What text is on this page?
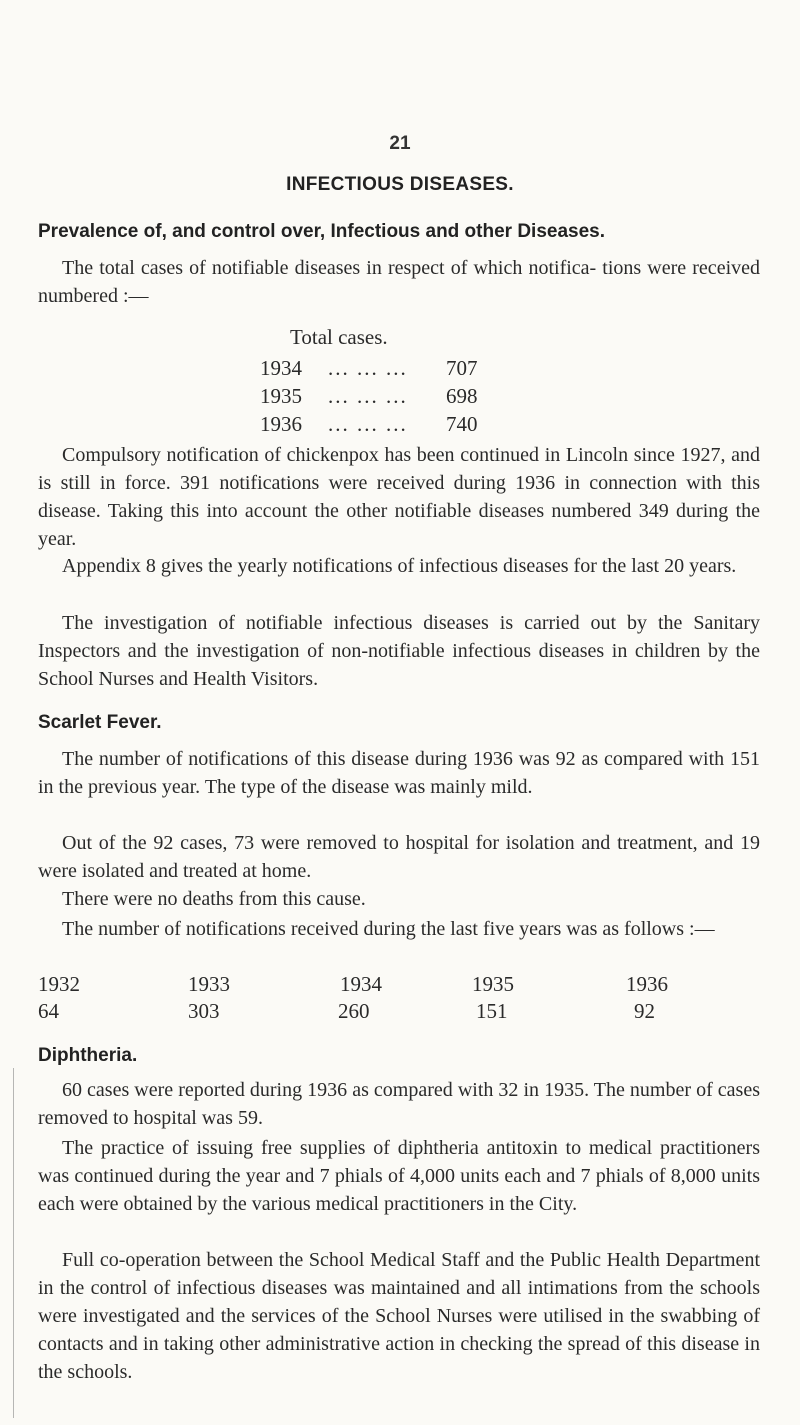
21
INFECTIOUS DISEASES.
Prevalence of, and control over, Infectious and other Diseases.

The total cases of notifiable diseases in respect of which notifica- tions were received numbered :—

Total cases.
1934 ... ... ... 707
1935 ... ... ... 698
1936 ... ... ... 740

Compulsory notification of chickenpox has been continued in Lincoln since 1927, and is still in force. 391 notifications were received during 1936 in connection with this disease. Taking this into account the other notifiable diseases numbered 349 during the year.

Appendix 8 gives the yearly notifications of infectious diseases for the last 20 years.

The investigation of notifiable infectious diseases is carried out by the Sanitary Inspectors and the investigation of non-notifiable infectious diseases in children by the School Nurses and Health Visitors.

Scarlet Fever.

The number of notifications of this disease during 1936 was 92 as compared with 151 in the previous year. The type of the disease was mainly mild.

Out of the 92 cases, 73 were removed to hospital for isolation and treatment, and 19 were isolated and treated at home.

There were no deaths from this cause.

The number of notifications received during the last five years was as follows :—

1932	1933	1934	1935	1936
64	303	260	151	92
Diphtheria.

60 cases were reported during 1936 as compared with 32 in 1935. The number of cases removed to hospital was 59.

The practice of issuing free supplies of diphtheria antitoxin to medical practitioners was continued during the year and 7 phials of 4,000 units each and 7 phials of 8,000 units each were obtained by the various medical practitioners in the City.

Full co-operation between the School Medical Staff and the Public Health Department in the control of infectious diseases was maintained and all intimations from the schools were investigated and the services of the School Nurses were utilised in the swabbing of contacts and in taking other administrative action in checking the spread of this disease in the schools.
